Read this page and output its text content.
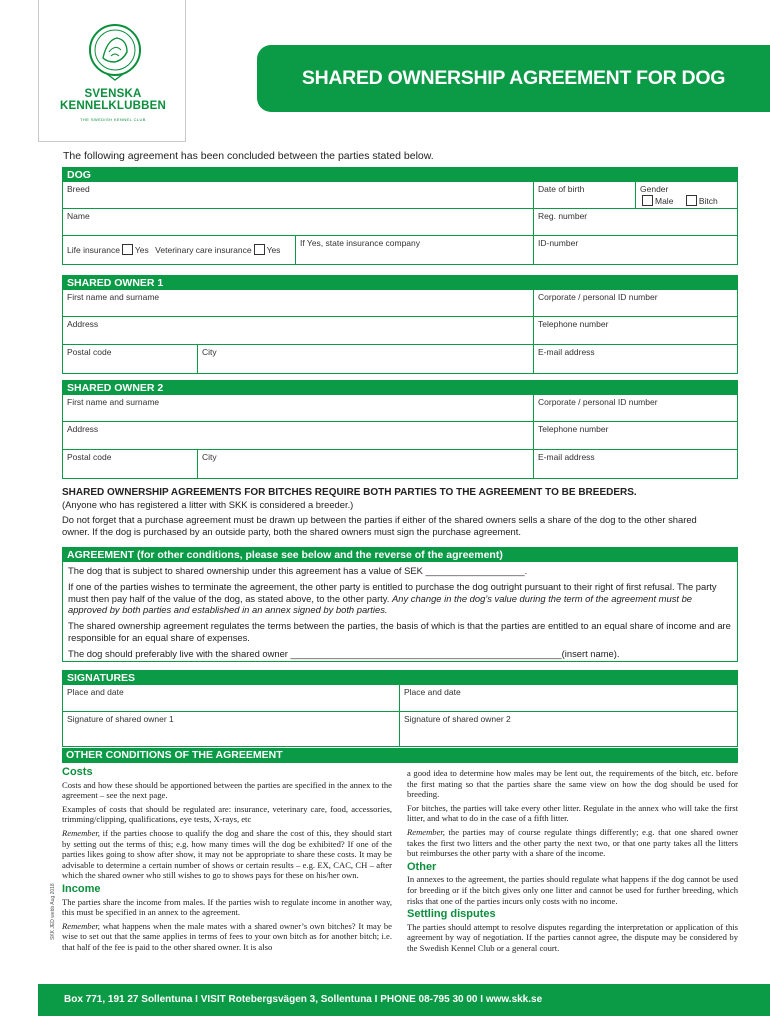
SVENSKA
KENNELKLUBBEN
THE SWEDISH KENNEL CLUB
SHARED OWNERSHIP AGREEMENT FOR DOG
The following agreement has been concluded between the parties stated below.
DOG
Breed	Date of birth	Gender
Male	Bitch
Name	Reg. number
Life insurance Yes Veterinary care insurance Yes
If Yes, state insurance company	ID-number
SHARED OWNER 1
First name and surname	Corporate / personal ID number
Address	Telephone number
Postal code	City	E-mail address
SHARED OWNER 2
First name and surname	Corporate / personal ID number
Address	Telephone number
Postal code	City	E-mail address
SHARED OWNERSHIP AGREEMENTS FOR BITCHES REQUIRE BOTH PARTIES TO THE AGREEMENT TO BE BREEDERS.
(Anyone who has registered a litter with SKK is considered a breeder.)
Do not forget that a purchase agreement must be drawn up between the parties if either of the shared owners sells a share of the dog to the other shared
owner. If the dog is purchased by an outside party, both the shared owners must sign the purchase agreement.
AGREEMENT (for other conditions, please see below and the reverse of the agreement)

The dog that is subject to shared ownership under this agreement has a value of SEK ___________________.

If one of the parties wishes to terminate the agreement, the other party is entitled to purchase the dog outright pursuant to their right of first refusal. The party must then pay half of the value of the dog, as stated above, to the other party. Any change in the dog’s value during the term of the agreement must be approved by both parties and established in an annex signed by both parties.

The shared ownership agreement regulates the terms between the parties, the basis of which is that the parties are entitled to an equal share of income and are responsible for an equal share of expenses.

The dog should preferably live with the shared owner ____________________________________________________(insert name).

SIGNATURES
Place and date	Place and date
Signature of shared owner 1	Signature of shared owner 2
OTHER CONDITIONS OF THE AGREEMENT
Costs

Costs and how these should be apportioned between the parties are specified in the annex to the agreement – see the next page.

Examples of costs that should be regulated are: insurance, veterinary care, food, accessories, trimming/clipping, qualifications, eye tests, X-rays, etc

Remember, if the parties choose to qualify the dog and share the cost of this, they should start by setting out the terms of this; e.g. how many times will the dog be exhibited? If one of the parties likes going to show after show, it may not be appropriate to share these costs. It may be advisable to determine a certain number of shows or certain results – e.g. EX, CAC, CH – after which the shared owner who still wishes to go to shows pays for these on his/her own.

Income

The parties share the income from males. If the parties wish to regulate income in another way, this must be specified in an annex to the agreement.

Remember, what happens when the male mates with a shared owner’s own bitches? It may be wise to set out that the same applies in terms of fees to your own bitch as for another bitch; i.e. that half of the fee is paid to the other shared owner. It is also

a good idea to determine how males may be lent out, the requirements of the bitch, etc. before the first mating so that the parties share the same view on how the dog should be used for breeding.

For bitches, the parties will take every other litter. Regulate in the annex who will take the first litter, and what to do in the case of a fifth litter.

Remember, the parties may of course regulate things differently; e.g. that one shared owner takes the first two litters and the other party the next two, or that one party takes all the litters but reimburses the other party with a share of the income.

Other

In annexes to the agreement, the parties should regulate what happens if the dog cannot be used for breeding or if the bitch gives only one litter and cannot be used for further breeding, which risks that one of the parties incurs only costs with no income.

Settling disputes

The parties should attempt to resolve disputes regarding the interpretation or application of this agreement by way of negotiation. If the parties cannot agree, the dispute may be considered by the Swedish Kennel Club or a general court.

SKK JED webb Aug 2018
Box 771, 191 27 Sollentuna I VISIT Rotebergsvägen 3, Sollentuna I PHONE 08-795 30 00 I www.skk.se
